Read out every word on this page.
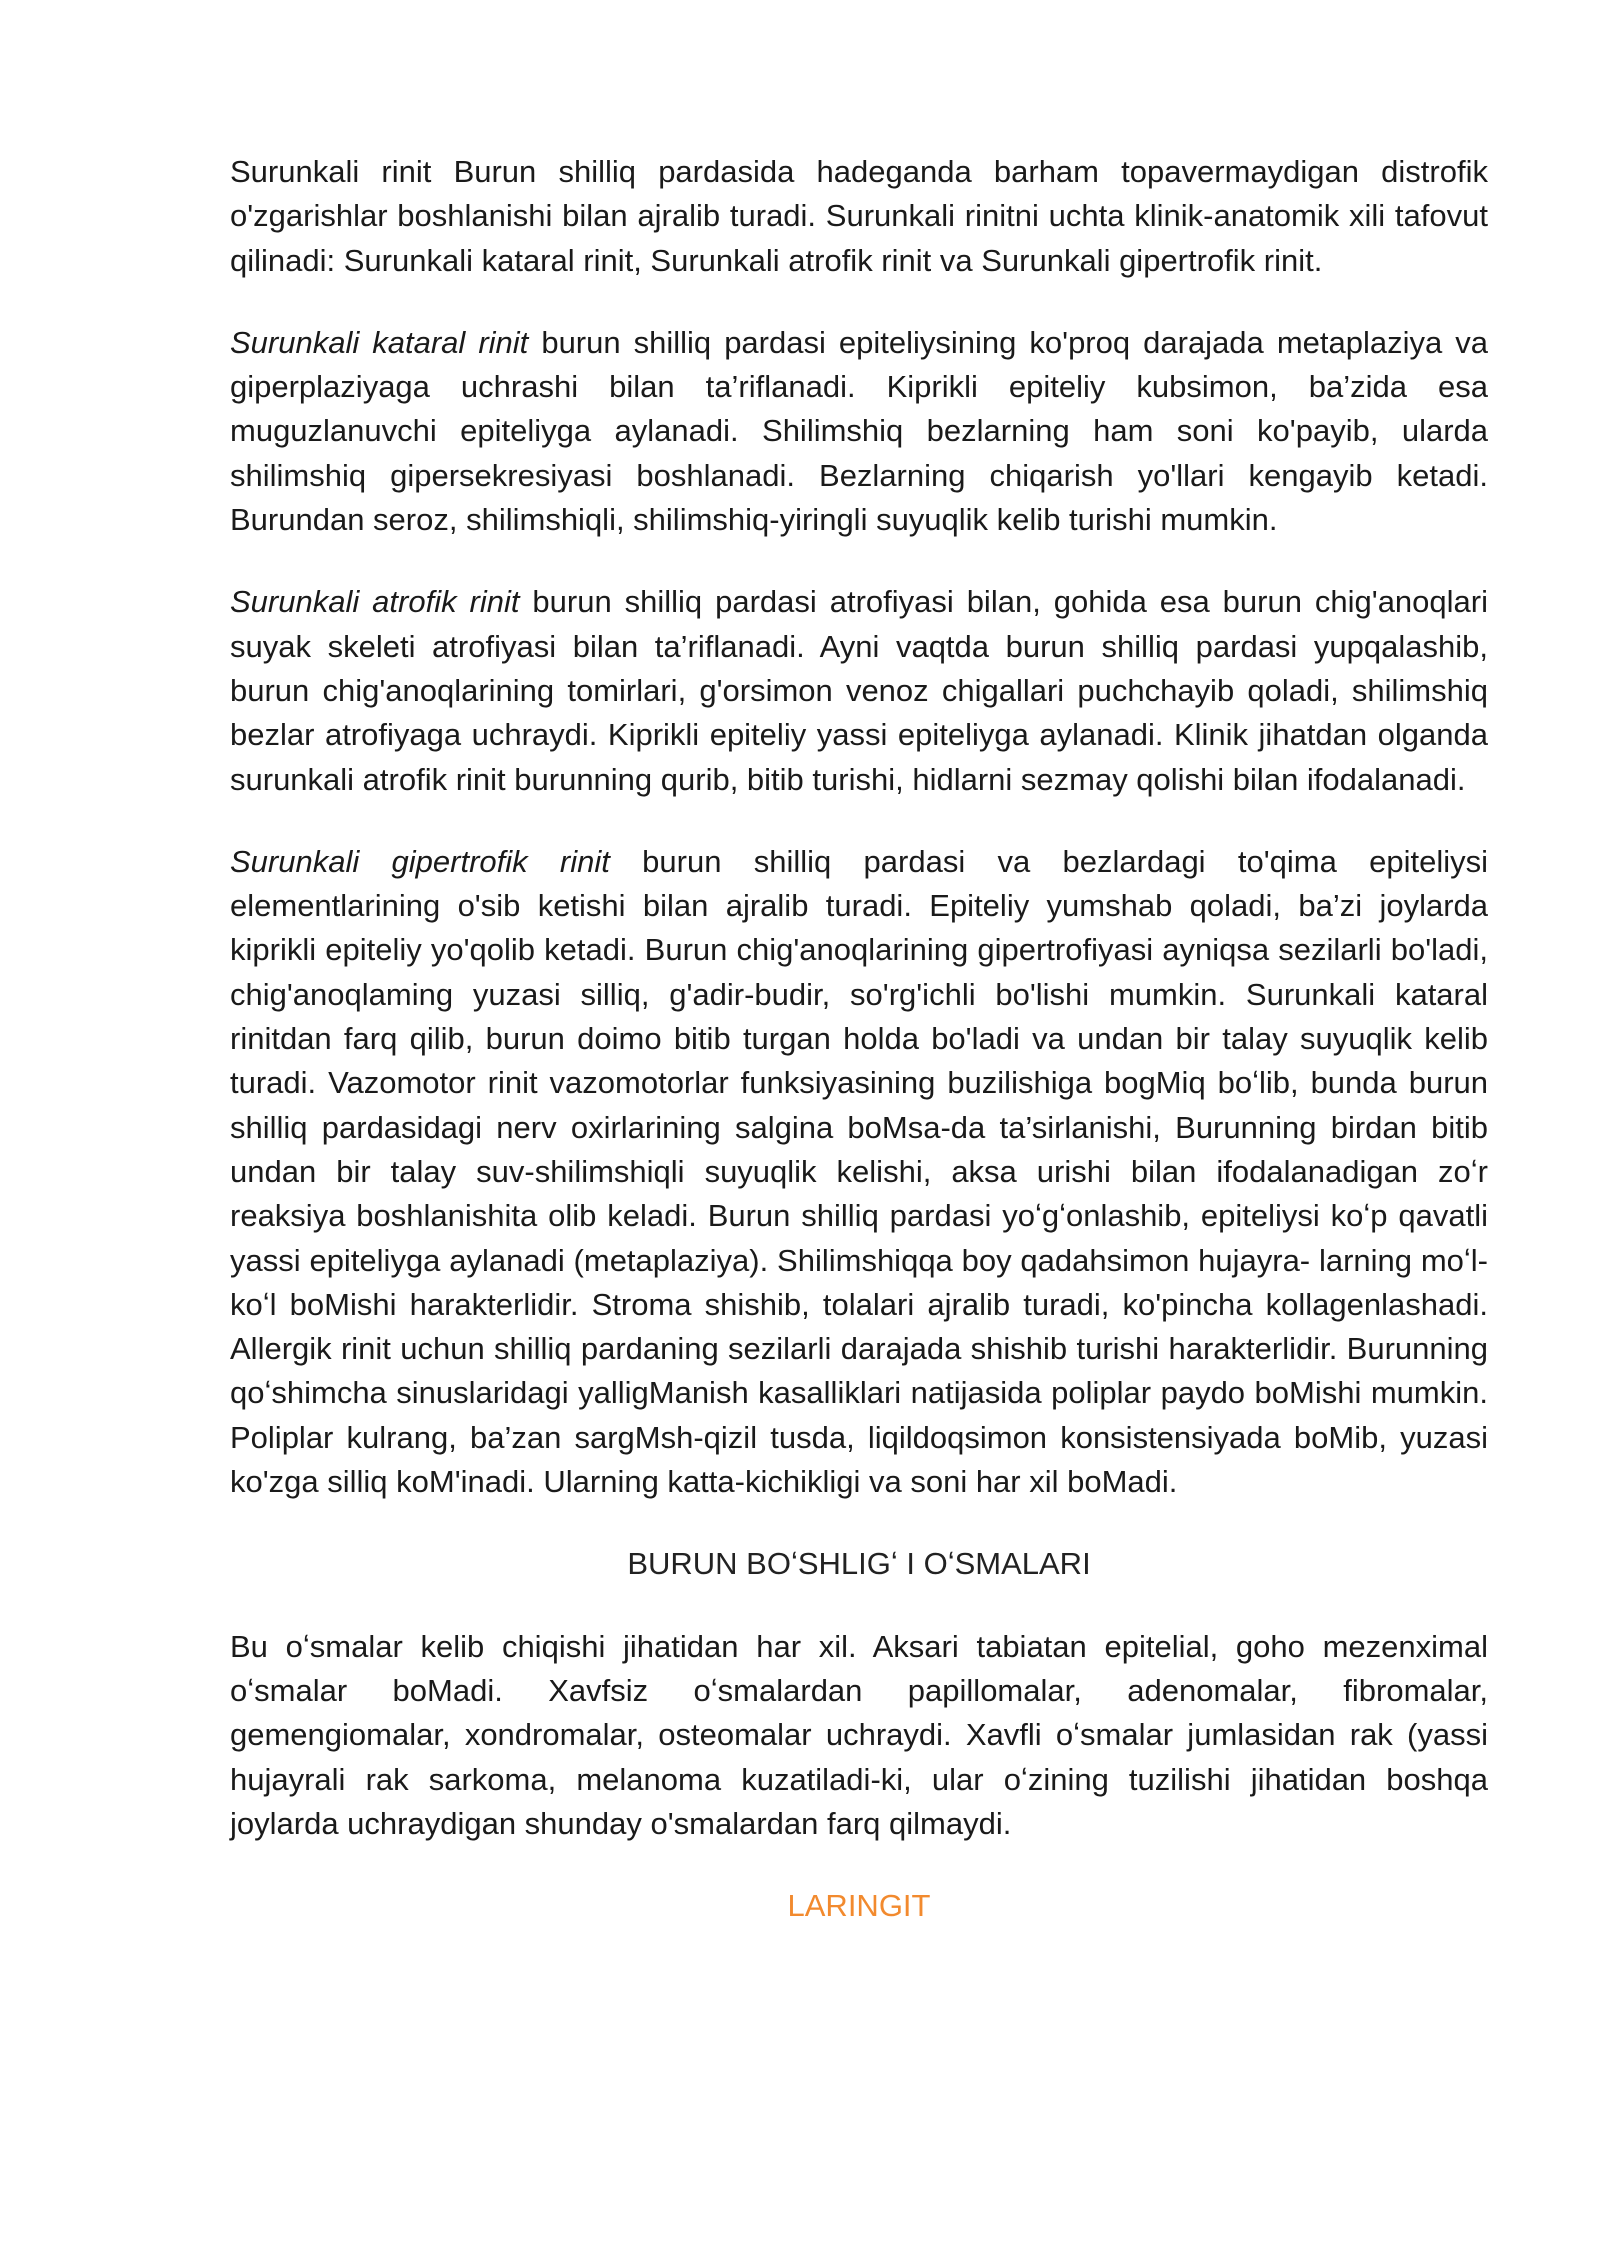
Surunkali rinit Burun shilliq pardasida hadeganda barham topavermaydigan distrofik o'zgarishlar boshlanishi bilan ajralib turadi. Surunkali rinitni uchta klinik-anatomik xili tafovut qilinadi: Surunkali kataral rinit, Surunkali atrofik rinit va Surunkali gipertrofik rinit.

Surunkali kataral rinit burun shilliq pardasi epiteliysining ko'proq darajada metaplaziya va giperplaziyaga uchrashi bilan ta’riflanadi. Kiprikli epiteliy kubsimon, ba’zida esa muguzlanuvchi epiteliyga aylanadi. Shilimshiq bezlarning ham soni ko'payib, ularda shilimshiq gipersekresiyasi boshlanadi. Bezlarning chiqarish yo'llari kengayib ketadi. Burundan seroz, shilimshiqli, shilimshiq-yiringli suyuqlik kelib turishi mumkin.

Surunkali atrofik rinit burun shilliq pardasi atrofiyasi bilan, gohida esa burun chig'anoqlari suyak skeleti atrofiyasi bilan ta’riflanadi. Ayni vaqtda burun shilliq pardasi yupqalashib, burun chig'anoqlarining tomirlari, g'orsimon venoz chigallari puchchayib qoladi, shilimshiq bezlar atrofiyaga uchraydi. Kiprikli epiteliy yassi epiteliyga aylanadi. Klinik jihatdan olganda surunkali atrofik rinit burunning qurib, bitib turishi, hidlarni sezmay qolishi bilan ifodalanadi.

Surunkali gipertrofik rinit burun shilliq pardasi va bezlardagi to'qima epiteliysi elementlarining o'sib ketishi bilan ajralib turadi. Epiteliy yumshab qoladi, ba’zi joylarda kiprikli epiteliy yo'qolib ketadi. Burun chig'anoqlarining gipertrofiyasi ayniqsa sezilarli bo'ladi, chig'anoqlaming yuzasi silliq, g'adir-budir, so'rg'ichli bo'lishi mumkin. Surunkali kataral rinitdan farq qilib, burun doimo bitib turgan holda bo'ladi va undan bir talay suyuqlik kelib turadi. Vazomotor rinit vazomotorlar funksiyasining buzilishiga bogMiq boʻlib, bunda burun shilliq pardasidagi nerv oxirlarining salgina boMsa-da ta’sirlanishi, Burunning birdan bitib undan bir talay suv-shilimshiqli suyuqlik kelishi, aksa urishi bilan ifodalanadigan zoʻr reaksiya boshlanishita olib keladi. Burun shilliq pardasi yoʻgʻonlashib, epiteliysi koʻp qavatli yassi epiteliyga aylanadi (metaplaziya). Shilimshiqqa boy qadahsimon hujayra- larning moʻl-koʻl boMishi harakterlidir. Stroma shishib, tolalari ajralib turadi, ko'pincha kollagenlashadi. Allergik rinit uchun shilliq pardaning sezilarli darajada shishib turishi harakterlidir. Burunning qoʻshimcha sinuslaridagi yalligManish kasalliklari natijasida poliplar paydo boMishi mumkin. Poliplar kulrang, ba’zan sargMsh-qizil tusda, liqildoqsimon konsistensiyada boMib, yuzasi ko'zga silliq koM'inadi. Ularning katta-kichikligi va soni har xil boMadi.

BURUN BOʻSHLIGʻ I OʻSMALARI

Bu oʻsmalar kelib chiqishi jihatidan har xil. Aksari tabiatan epitelial, goho mezenximal oʻsmalar boMadi. Xavfsiz oʻsmalardan papillomalar, adenomalar, fibromalar, gemengiomalar, xondromalar, osteomalar uchraydi. Xavfli oʻsmalar jumlasidan rak (yassi hujayrali rak sarkoma, melanoma kuzatiladi-ki, ular oʻzining tuzilishi jihatidan boshqa joylarda uchraydigan shunday o'smalardan farq qilmaydi.

LARINGIT
